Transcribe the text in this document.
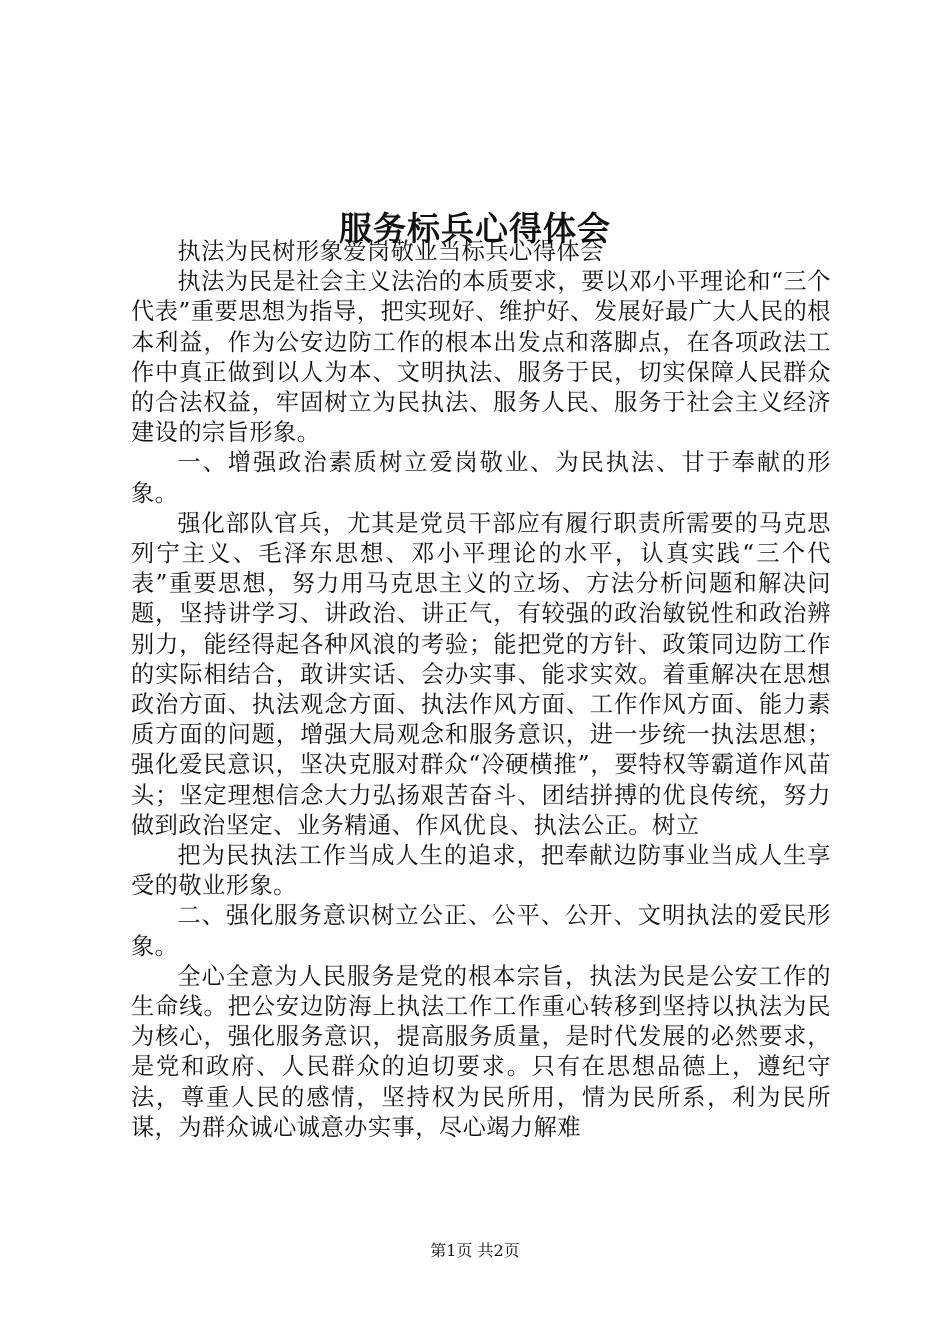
服务标兵心得体会

执法为民树形象爱岗敬业当标兵心得体会

执法为民是社会主义法治的本质要求，要以邓小平理论和“三个代表”重要思想为指导，把实现好、维护好、发展好最广大人民的根本利益，作为公安边防工作的根本出发点和落脚点，在各项政法工作中真正做到以人为本、文明执法、服务于民，切实保障人民群众的合法权益，牢固树立为民执法、服务人民、服务于社会主义经济建设的宗旨形象。

一、增强政治素质树立爱岗敬业、为民执法、甘于奉献的形象。

强化部队官兵，尤其是党员干部应有履行职责所需要的马克思列宁主义、毛泽东思想、邓小平理论的水平，认真实践“三个代表”重要思想，努力用马克思主义的立场、方法分析问题和解决问题，坚持讲学习、讲政治、讲正气，有较强的政治敏锐性和政治辨别力，能经得起各种风浪的考验；能把党的方针、政策同边防工作的实际相结合，敢讲实话、会办实事、能求实效。着重解决在思想政治方面、执法观念方面、执法作风方面、工作作风方面、能力素质方面的问题，增强大局观念和服务意识，进一步统一执法思想；强化爱民意识，坚决克服对群众“冷硬横推”，要特权等霸道作风苗头；坚定理想信念大力弘扬艰苦奋斗、团结拼搏的优良传统，努力做到政治坚定、业务精通、作风优良、执法公正。树立

把为民执法工作当成人生的追求，把奉献边防事业当成人生享受的敬业形象。

二、强化服务意识树立公正、公平、公开、文明执法的爱民形象。

全心全意为人民服务是党的根本宗旨，执法为民是公安工作的生命线。把公安边防海上执法工作工作重心转移到坚持以执法为民为核心，强化服务意识，提高服务质量，是时代发展的必然要求，是党和政府、人民群众的迫切要求。只有在思想品德上，遵纪守法，尊重人民的感情，坚持权为民所用，情为民所系，利为民所谋，为群众诚心诚意办实事，尽心竭力解难

第1页 共2页
